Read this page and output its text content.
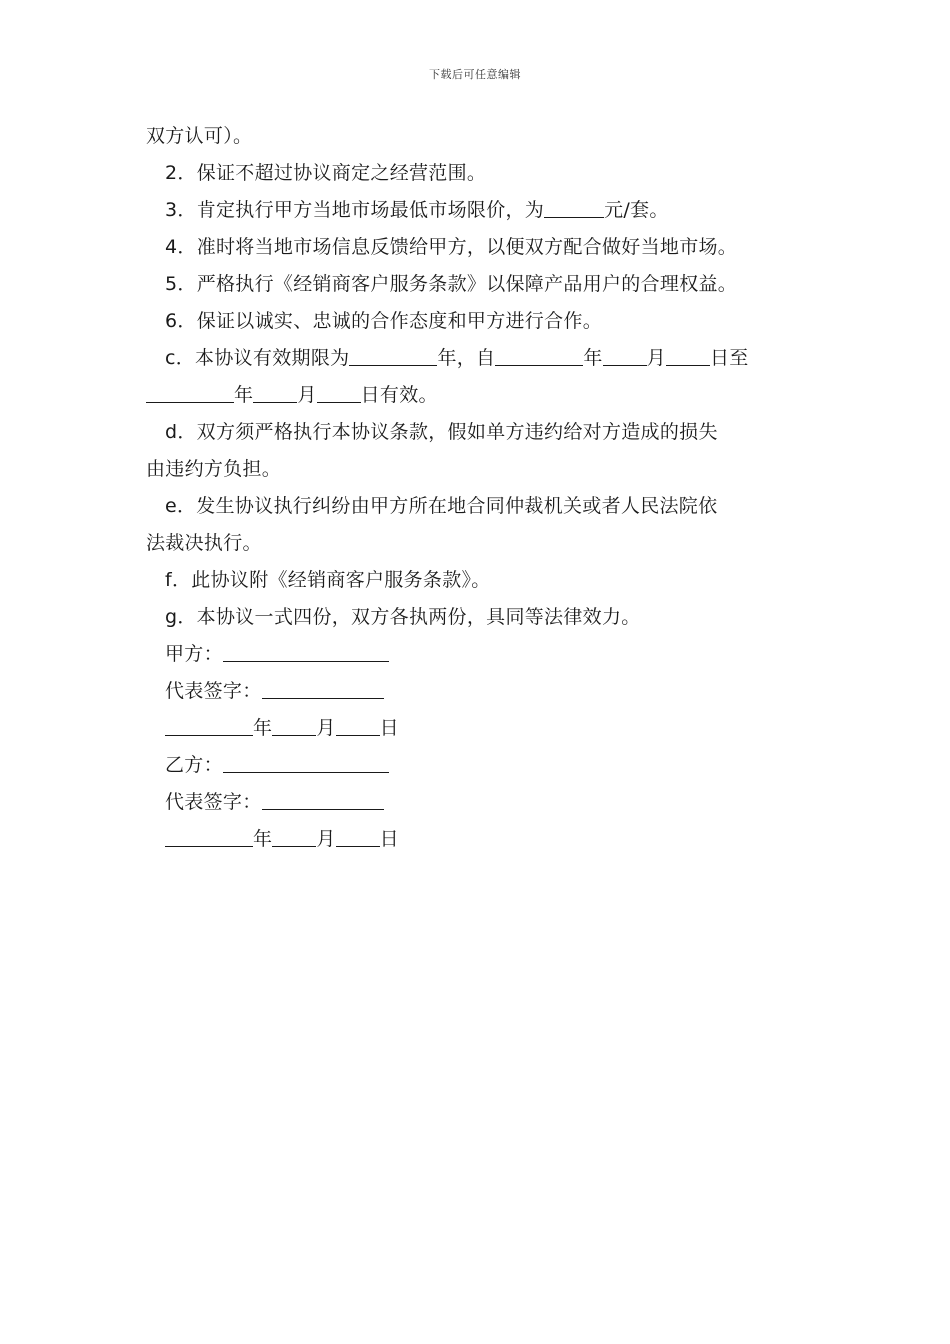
下载后可任意编辑
双方认可）。
2．保证不超过协议商定之经营范围。
3．肯定执行甲方当地市场最低市场限价，为	元/套。
4．准时将当地市场信息反馈给甲方，以便双方配合做好当地市场。
5．严格执行《经销商客户服务条款》以保障产品用户的合理权益。
6．保证以诚实、忠诚的合作态度和甲方进行合作。
c．本协议有效期限为	年，自	年 月 日至
年 月 日有效。
d．双方须严格执行本协议条款，假如单方违约给对方造成的损失
由违约方负担。
e．发生协议执行纠纷由甲方所在地合同仲裁机关或者人民法院依
法裁决执行。
f．此协议附《经销商客户服务条款》。
g．本协议一式四份，双方各执两份，具同等法律效力。
甲方：
代表签字：
年 月 日
乙方：
代表签字：
年 月 日
